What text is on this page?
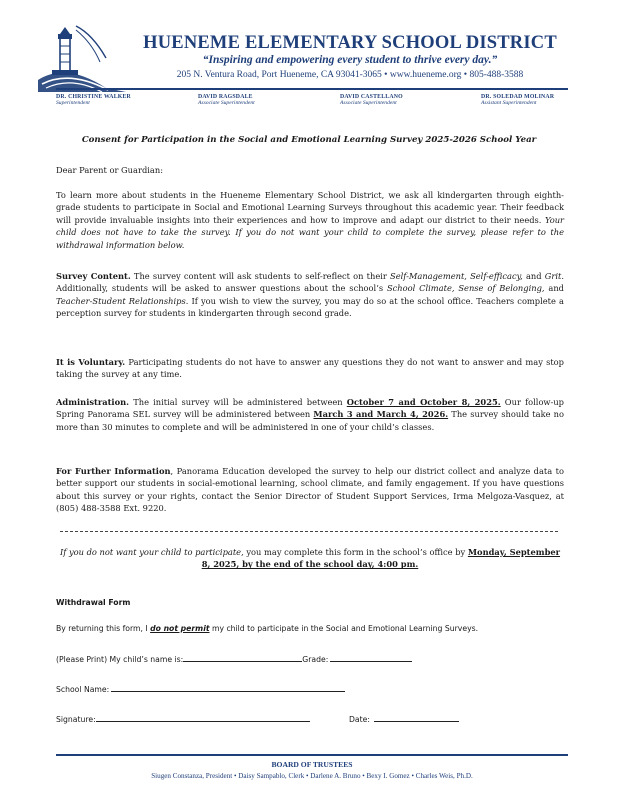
HUENEME ELEMENTARY SCHOOL DISTRICT
“Inspiring and empowering every student to thrive every day.”
205 N. Ventura Road, Port Hueneme, CA 93041-3065 • www.hueneme.org • 805-488-3588
DR. CHRISTINE WALKER
Superintendent
DAVID RAGSDALE
Associate Superintendent
DAVID CASTELLANO
Associate Superintendent
DR. SOLEDAD MOLINAR
Assistant Superintendent
Consent for Participation in the Social and Emotional Learning Survey 2025-2026 School Year
Dear Parent or Guardian:
To learn more about students in the Hueneme Elementary School District, we ask all kindergarten through eighth-grade students to participate in Social and Emotional Learning Surveys throughout this academic year. Their feedback will provide invaluable insights into their experiences and how to improve and adapt our district to their needs. Your child does not have to take the survey. If you do not want your child to complete the survey, please refer to the withdrawal information below.
Survey Content. The survey content will ask students to self-reflect on their Self-Management, Self-efficacy, and Grit. Additionally, students will be asked to answer questions about the school’s School Climate, Sense of Belonging, and Teacher-Student Relationships. If you wish to view the survey, you may do so at the school office. Teachers complete a perception survey for students in kindergarten through second grade.
It is Voluntary. Participating students do not have to answer any questions they do not want to answer and may stop taking the survey at any time.
Administration. The initial survey will be administered between October 7 and October 8, 2025. Our follow-up Spring Panorama SEL survey will be administered between March 3 and March 4, 2026. The survey should take no more than 30 minutes to complete and will be administered in one of your child’s classes.
For Further Information, Panorama Education developed the survey to help our district collect and analyze data to better support our students in social-emotional learning, school climate, and family engagement. If you have questions about this survey or your rights, contact the Senior Director of Student Support Services, Irma Melgoza-Vasquez, at (805) 488-3588 Ext. 9220.
If you do not want your child to participate, you may complete this form in the school’s office by Monday, September 8, 2025, by the end of the school day, 4:00 pm.
Withdrawal Form
By returning this form, I do not permit my child to participate in the Social and Emotional Learning Surveys.
(Please Print) My child’s name is:	Grade:
School Name:
Signature:	Date:
BOARD OF TRUSTEES
Siugen Constanza, President • Daisy Sampablo, Clerk • Darlene A. Bruno • Bexy I. Gomez • Charles Weis, Ph.D.
